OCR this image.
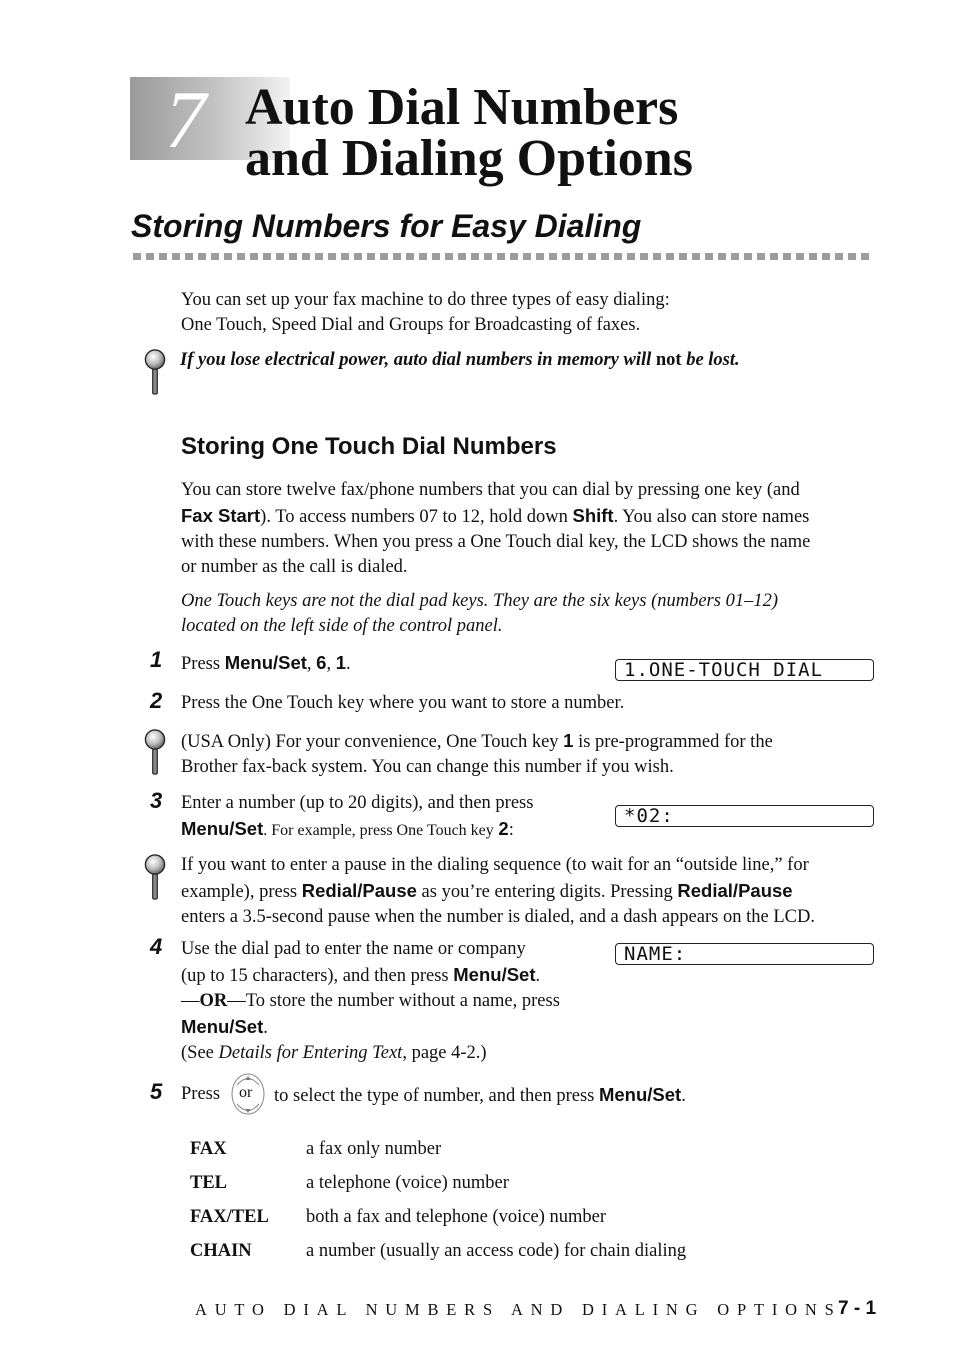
7 Auto Dial Numbers
and Dialing Options
Storing Numbers for Easy Dialing
You can set up your fax machine to do three types of easy dialing:
One Touch, Speed Dial and Groups for Broadcasting of faxes.
If you lose electrical power, auto dial numbers in memory will not be lost.
Storing One Touch Dial Numbers
You can store twelve fax/phone numbers that you can dial by pressing one key (and
Fax Start). To access numbers 07 to 12, hold down Shift. You also can store names
with these numbers. When you press a One Touch dial key, the LCD shows the name
or number as the call is dialed.
One Touch keys are not the dial pad keys. They are the six keys (numbers 01–12)
located on the left side of the control panel.
1 Press Menu/Set, 6, 1.	1.ONE-TOUCH DIAL
2 Press the One Touch key where you want to store a number.
(USA Only) For your convenience, One Touch key 1 is pre-programmed for the
Brother fax-back system. You can change this number if you wish.
3 Enter a number (up to 20 digits), and then press
Menu/Set. For example, press One Touch key 2:
*02:
If you want to enter a pause in the dialing sequence (to wait for an “outside line,” for
example), press Redial/Pause as you’re entering digits. Pressing Redial/Pause
enters a 3.5-second pause when the number is dialed, and a dash appears on the LCD.
4 Use the dial pad to enter the name or company
(up to 15 characters), and then press Menu/Set.
—OR—To store the number without a name, press
Menu/Set.
(See Details for Entering Text, page 4-2.)
NAME:
5 Press or to select the type of number, and then press Menu/Set.
FAX	a fax only number
TEL	a telephone (voice) number
FAX/TEL both a fax and telephone (voice) number
CHAIN	a number (usually an access code) for chain dialing
AUTO DIAL NUMBERS AND DIALING OPTIONS
7 - 1
